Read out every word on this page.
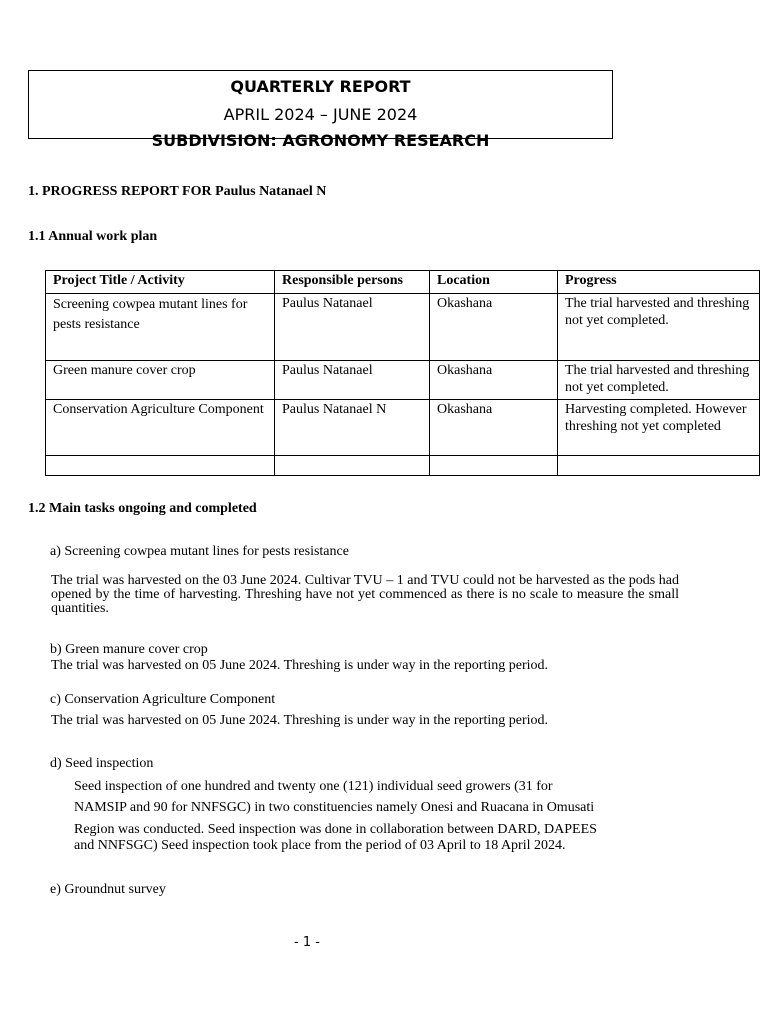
QUARTERLY REPORT
APRIL 2024 – JUNE 2024
SUBDIVISION: AGRONOMY RESEARCH
1. PROGRESS REPORT FOR Paulus Natanael N
1.1 Annual work plan
Project Title / Activity	Responsible persons	Location	Progress
Screening cowpea mutant lines for pests resistance	Paulus Natanael	Okashana	The trial harvested and threshing not yet completed.
Green manure cover crop	Paulus Natanael	Okashana	The trial harvested and threshing not yet completed.
Conservation Agriculture Component	Paulus Natanael N	Okashana	Harvesting completed. However threshing not yet completed

1.2 Main tasks ongoing and completed
a) Screening cowpea mutant lines for pests resistance
The trial was harvested on the 03 June 2024. Cultivar TVU – 1 and TVU could not be harvested as the pods had opened by the time of harvesting. Threshing have not yet commenced as there is no scale to measure the small quantities.
b) Green manure cover crop
The trial was harvested on 05 June 2024. Threshing is under way in the reporting period.
c) Conservation Agriculture Component
The trial was harvested on 05 June 2024. Threshing is under way in the reporting period.
d) Seed inspection
Seed inspection of one hundred and twenty one (121) individual seed growers (31 for
NAMSIP and 90 for NNFSGC) in two constituencies namely Onesi and Ruacana in Omusati
Region was conducted. Seed inspection was done in collaboration between DARD, DAPEES
and NNFSGC) Seed inspection took place from the period of 03 April to 18 April 2024.
e) Groundnut survey
- 1 -
